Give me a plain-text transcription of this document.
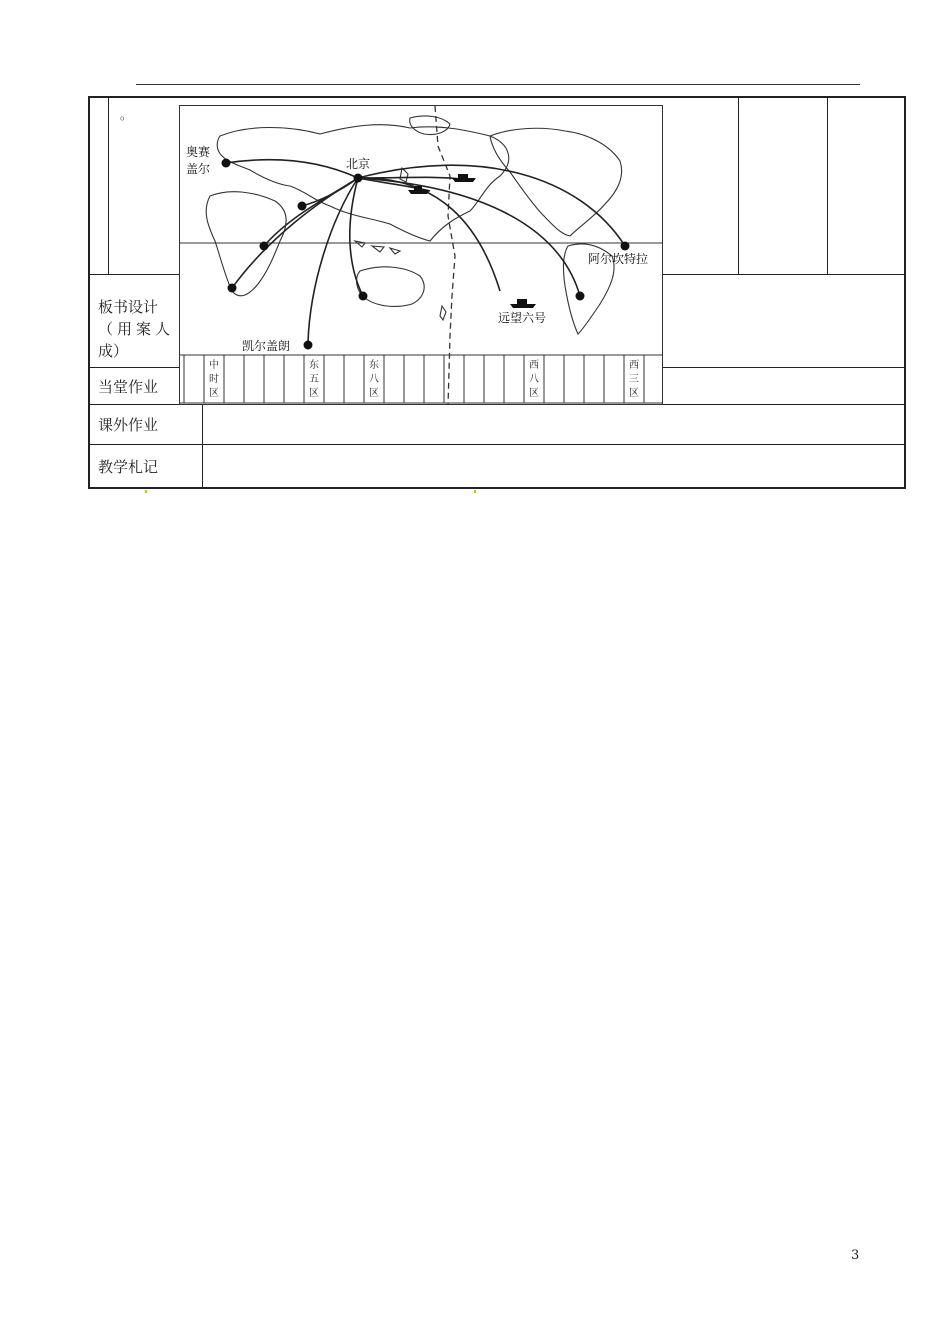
。
板书设计
（用案人
成）
当堂作业
课外作业
教学札记
北京
奥赛
盖尔
凯尔盖朗
阿尔坎特拉
远望六号
中
时
区
东
五
区
东
八
区
西
八
区
西
三
区
3
